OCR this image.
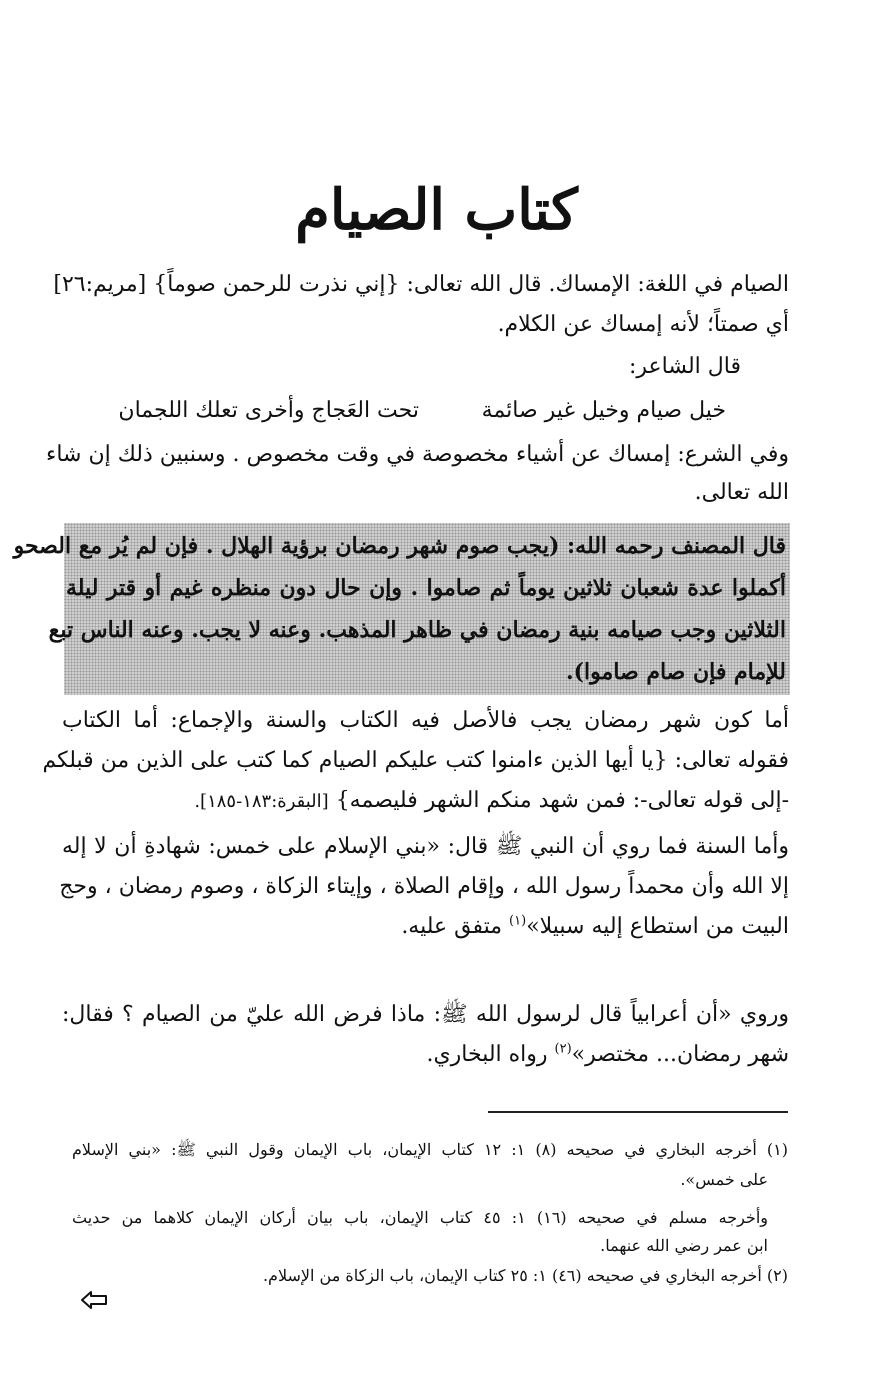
كتاب الصيام
الصيام في اللغة: الإمساك. قال الله تعالى: {إني نذرت للرحمن صوماً} [مريم:٢٦]
أي صمتاً؛ لأنه إمساك عن الكلام.
قال الشاعر:
خيل صيام وخيل غير صائمة
تحت العَجاج وأخرى تعلك اللجمان
وفي الشرع: إمساك عن أشياء مخصوصة في وقت مخصوص . وسنبين ذلك إن شاء
الله تعالى.
قال المصنف رحمه الله: (يجب صوم شهر رمضان برؤية الهلال . فإن لم يُر مع الصحو
أكملوا عدة شعبان ثلاثين يوماً ثم صاموا . وإن حال دون منظره غيم أو قتر ليلة
الثلاثين وجب صيامه بنية رمضان في ظاهر المذهب. وعنه لا يجب. وعنه الناس تبع
للإمام فإن صام صاموا).
أما كون شهر رمضان يجب فالأصل فيه الكتاب والسنة والإجماع: أما الكتاب
فقوله تعالى: {يا أيها الذين ءامنوا كتب عليكم الصيام كما كتب على الذين من قبلكم
-إلى قوله تعالى-: فمن شهد منكم الشهر فليصمه} [البقرة:١٨٣-١٨٥].
وأما السنة فما روي أن النبي ﷺ قال: «بني الإسلام على خمس: شهادةِ أن لا إله
إلا الله وأن محمداً رسول الله ، وإقام الصلاة ، وإيتاء الزكاة ، وصوم رمضان ، وحج
البيت من استطاع إليه سبيلا»$^{(١)}$ متفق عليه.
وروي «أن أعرابياً قال لرسول الله ﷺ: ماذا فرض الله عليّ من الصيام ؟ فقال:
شهر رمضان... مختصر»$^{(٢)}$ رواه البخاري.
(١) أخرجه البخاري في صحيحه (٨) ١: ١٢ كتاب الإيمان، باب الإيمان وقول النبي ﷺ: «بني الإسلام
على خمس».
وأخرجه مسلم في صحيحه (١٦) ١: ٤٥ كتاب الإيمان، باب بيان أركان الإيمان كلاهما من حديث
ابن عمر رضي الله عنهما.
(٢) أخرجه البخاري في صحيحه (٤٦) ١: ٢٥ كتاب الإيمان، باب الزكاة من الإسلام.
